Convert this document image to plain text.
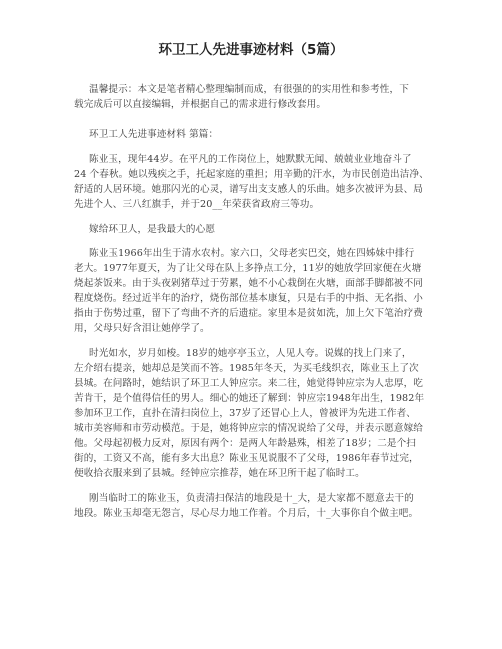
环卫工人先进事迹材料（5篇）
温馨提示：本文是笔者精心整理编制而成，有很强的的实用性和参考性，下
载完成后可以直接编辑，并根据自己的需求进行修改套用。
环卫工人先进事迹材料 第篇：
陈业玉，现年44岁。在平凡的工作岗位上，她默默无闻、兢兢业业地奋斗了
24 个春秋。她以残疾之手，托起家庭的重担；用辛勤的汗水，为市民创造出洁净、
舒适的人居环境。她那闪光的心灵，谱写出支支感人的乐曲。她多次被评为县、局
先进个人、三八红旗手，并于20__年荣获省政府三等功。
嫁给环卫人，是我最大的心愿
陈业玉1966年出生于清水农村。家六口，父母老实巴交，她在四姊妹中排行
老大。1977年夏天，为了让父母在队上多挣点工分，11岁的她放学回家便在火塘
烧起茶饭来。由于头夜剁猪草过于劳累，她不小心栽倒在火塘，面部手脚都被不同
程度烧伤。经过近半年的治疗，烧伤部位基本康复，只是右手的中指、无名指、小
指由于伤势过重，留下了弯曲不齐的后遗症。家里本是贫如洗，加上欠下笔治疗费
用，父母只好含泪让她停学了。
时光如水，岁月如梭。18岁的她亭亭玉立，人见人夸。说媒的找上门来了，
左介绍右提亲，她却总是笑而不答。1985年冬天，为买毛线织衣，陈业玉上了次
县城。在问路时，她结识了环卫工人钟应宗。来二往，她觉得钟应宗为人忠厚，吃
苦肯干，是个值得信任的男人。细心的她还了解到：钟应宗1948年出生，1982年
参加环卫工作，直扑在清扫岗位上，37岁了还冒心上人，曾被评为先进工作者、
城市美容师和市劳动模范。于是，她将钟应宗的情况说给了父母，并表示愿意嫁给
他。父母起初极力反对，原因有两个：是两人年龄悬殊，相差了18岁；二是个扫
街的，工资又不高，能有多大出息？陈业玉见说服不了父母，1986年春节过完，
便收拾衣服来到了县城。经钟应宗推荐，她在环卫所干起了临时工。
刚当临时工的陈业玉，负责清扫保洁的地段是十_大，是大家都不愿意去干的
地段。陈业玉却毫无怨言，尽心尽力地工作着。个月后，十_大事你自个做主吧。
